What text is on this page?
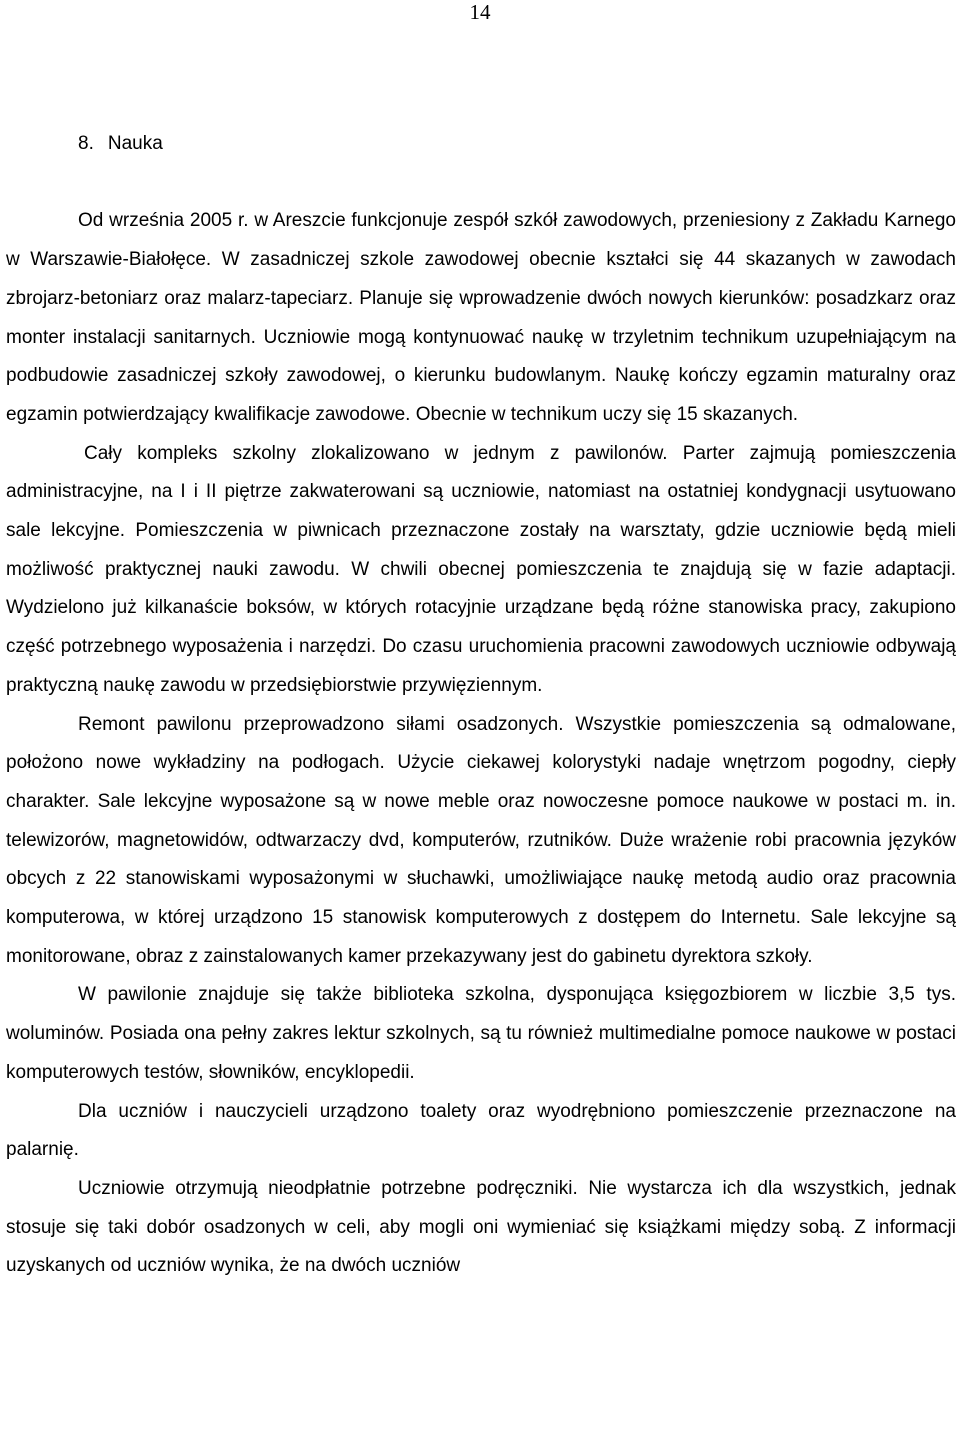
14
8. Nauka

Od września 2005 r. w Areszcie funkcjonuje zespół szkół zawodowych, przeniesiony z Zakładu Karnego w Warszawie-Białołęce. W zasadniczej szkole zawodowej obecnie kształci się 44 skazanych w zawodach zbrojarz-betoniarz oraz malarz-tapeciarz. Planuje się wprowadzenie dwóch nowych kierunków: posadzkarz oraz monter instalacji sanitarnych. Uczniowie mogą kontynuować naukę w trzyletnim technikum uzupełniającym na podbudowie zasadniczej szkoły zawodowej, o kierunku budowlanym. Naukę kończy egzamin maturalny oraz egzamin potwierdzający kwalifikacje zawodowe. Obecnie w technikum uczy się 15 skazanych.

Cały kompleks szkolny zlokalizowano w jednym z pawilonów. Parter zajmują pomieszczenia administracyjne, na I i II piętrze zakwaterowani są uczniowie, natomiast na ostatniej kondygnacji usytuowano sale lekcyjne. Pomieszczenia w piwnicach przeznaczone zostały na warsztaty, gdzie uczniowie będą mieli możliwość praktycznej nauki zawodu. W chwili obecnej pomieszczenia te znajdują się w fazie adaptacji. Wydzielono już kilkanaście boksów, w których rotacyjnie urządzane będą różne stanowiska pracy, zakupiono część potrzebnego wyposażenia i narzędzi. Do czasu uruchomienia pracowni zawodowych uczniowie odbywają praktyczną naukę zawodu w przedsiębiorstwie przywięziennym.

Remont pawilonu przeprowadzono siłami osadzonych. Wszystkie pomieszczenia są odmalowane, położono nowe wykładziny na podłogach. Użycie ciekawej kolorystyki nadaje wnętrzom pogodny, ciepły charakter. Sale lekcyjne wyposażone są w nowe meble oraz nowoczesne pomoce naukowe w postaci m. in. telewizorów, magnetowidów, odtwarzaczy dvd, komputerów, rzutników. Duże wrażenie robi pracownia języków obcych z 22 stanowiskami wyposażonymi w słuchawki, umożliwiające naukę metodą audio oraz pracownia komputerowa, w której urządzono 15 stanowisk komputerowych z dostępem do Internetu. Sale lekcyjne są monitorowane, obraz z zainstalowanych kamer przekazywany jest do gabinetu dyrektora szkoły.

W pawilonie znajduje się także biblioteka szkolna, dysponująca księgozbiorem w liczbie 3,5 tys. woluminów. Posiada ona pełny zakres lektur szkolnych, są tu również multimedialne pomoce naukowe w postaci komputerowych testów, słowników, encyklopedii.

Dla uczniów i nauczycieli urządzono toalety oraz wyodrębniono pomieszczenie przeznaczone na palarnię.

Uczniowie otrzymują nieodpłatnie potrzebne podręczniki. Nie wystarcza ich dla wszystkich, jednak stosuje się taki dobór osadzonych w celi, aby mogli oni wymieniać się książkami między sobą. Z informacji uzyskanych od uczniów wynika, że na dwóch uczniów
